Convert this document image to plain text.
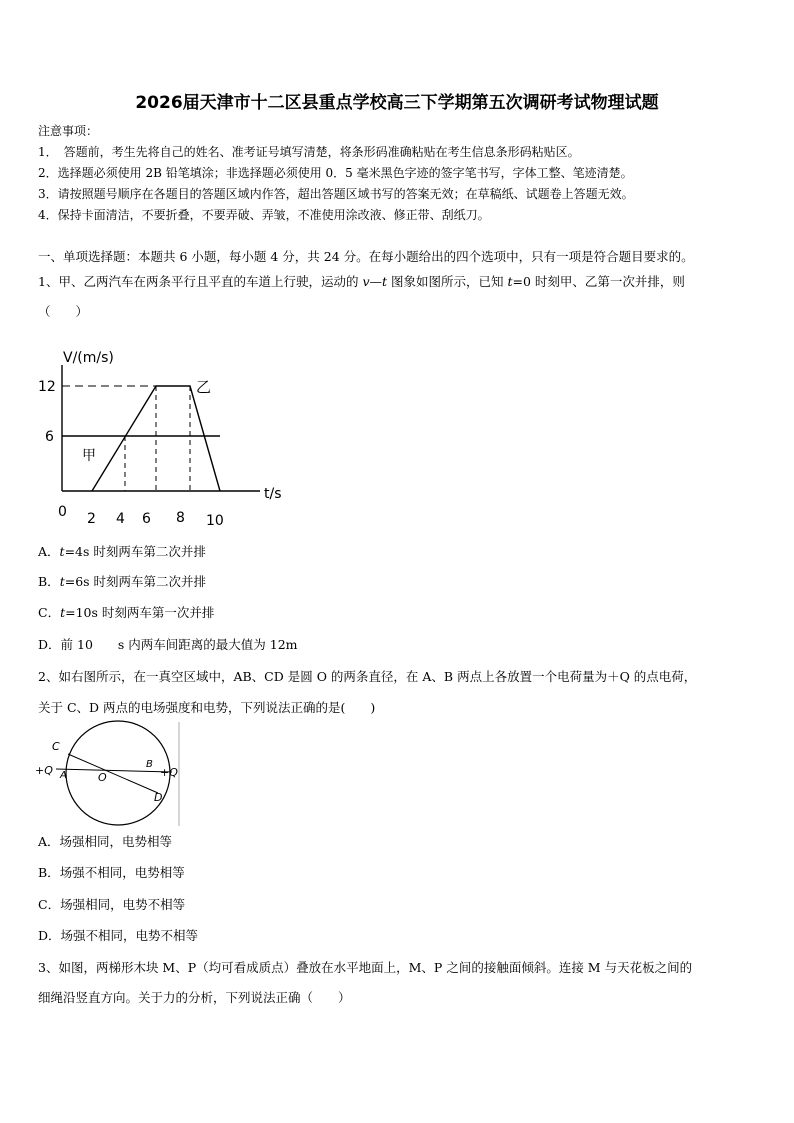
2026届天津市十二区县重点学校高三下学期第五次调研考试物理试题
注意事项：
1．　答题前，考生先将自己的姓名、准考证号填写清楚，将条形码准确粘贴在考生信息条形码粘贴区。
2．选择题必须使用 2B 铅笔填涂；非选择题必须使用 0．5 毫米黑色字迹的签字笔书写，字体工整、笔迹清楚。
3．请按照题号顺序在各题目的答题区域内作答，超出答题区域书写的答案无效；在草稿纸、试题卷上答题无效。
4．保持卡面清洁，不要折叠，不要弄破、弄皱，不准使用涂改液、修正带、刮纸刀。
一、单项选择题：本题共 6 小题，每小题 4 分，共 24 分。在每小题给出的四个选项中，只有一项是符合题目要求的。
1、甲、乙两汽车在两条平行且平直的车道上行驶，运动的 v—t 图象如图所示，已知 t=0 时刻甲、乙第一次并排，则
（　　）
V/(m/s)
t/s
12
6
0 2 4 6 8 10
甲
乙
A．t=4s 时刻两车第二次并排
B．t=6s 时刻两车第二次并排
C．t=10s 时刻两车第一次并排
D．前 10　　s 内两车间距离的最大值为 12m
2、如右图所示，在一真空区域中，AB、CD 是圆 O 的两条直径，在 A、B 两点上各放置一个电荷量为＋Q 的点电荷，
关于 C、D 两点的电场强度和电势，下列说法正确的是(　　)
C
A	O
B
D
+Q	+Q
A．场强相同，电势相等
B．场强不相同，电势相等
C．场强相同，电势不相等
D．场强不相同，电势不相等
3、如图，两梯形木块 M、P（均可看成质点）叠放在水平地面上，M、P 之间的接触面倾斜。连接 M 与天花板之间的
细绳沿竖直方向。关于力的分析，下列说法正确（　　）
